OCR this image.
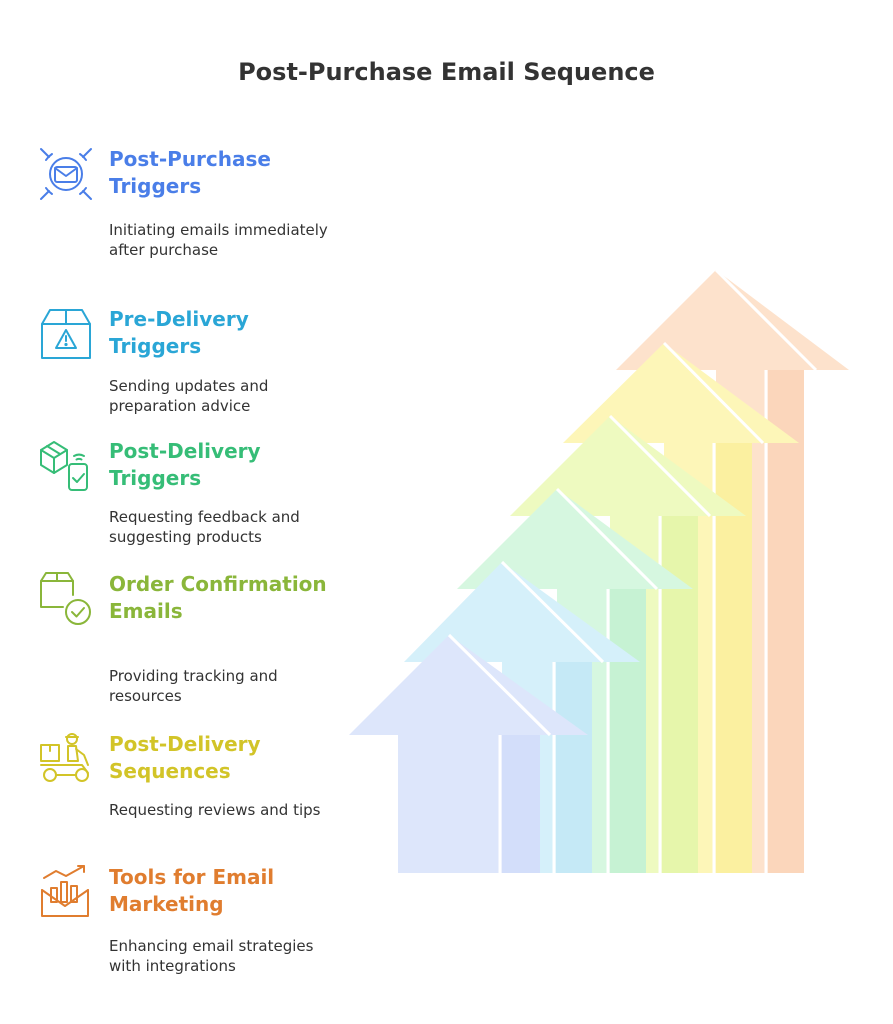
Post-Purchase Email Sequence
Post-Purchase Triggers
Initiating emails immediately after purchase
Pre-Delivery Triggers
Sending updates and preparation advice
Post-Delivery Triggers
Requesting feedback and suggesting products
Order Confirmation Emails
Providing tracking and resources
Post-Delivery Sequences
Requesting reviews and tips
Tools for Email Marketing
Enhancing email strategies with integrations
